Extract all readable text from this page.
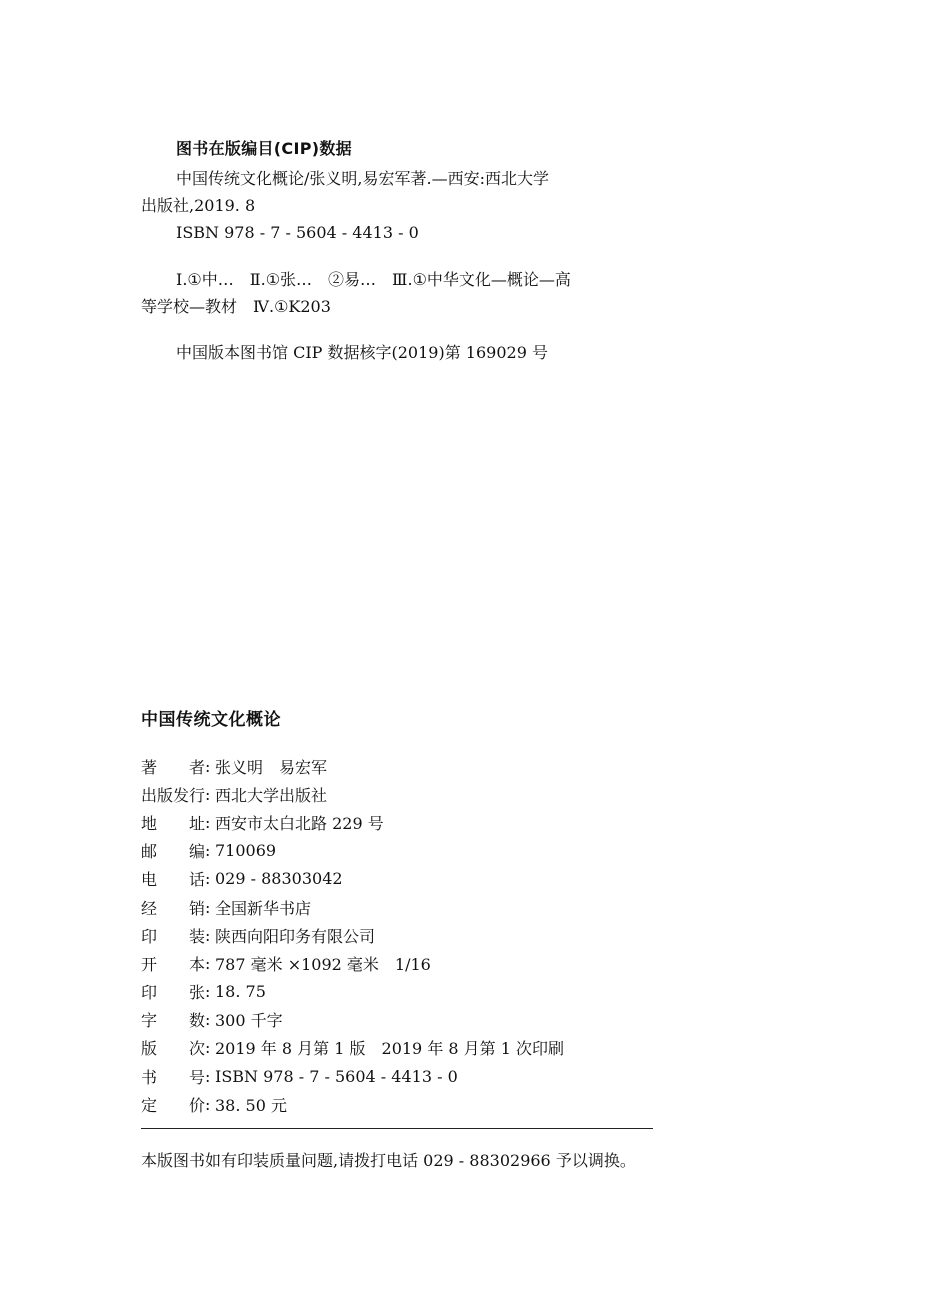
图书在版编目(CIP)数据
中国传统文化概论/张义明,易宏军著.—西安:西北大学
出版社,2019. 8
ISBN 978 - 7 - 5604 - 4413 - 0
Ⅰ.①中…　Ⅱ.①张…　②易…　Ⅲ.①中华文化—概论—高
等学校—教材　Ⅳ.①K203
中国版本图书馆 CIP 数据核字(2019)第 169029 号
中国传统文化概论
著 者 : 张义明　易宏军
出 版 发 行 : 西北大学出版社
地 址 : 西安市太白北路 229 号
邮 编 : 710069
电 话 : 029 - 88303042
经 销 : 全国新华书店
印 装 : 陕西向阳印务有限公司
开 本 : 787 毫米 ×1092 毫米　1/16
印 张 : 18. 75
字 数 : 300 千字
版 次 : 2019 年 8 月第 1 版　2019 年 8 月第 1 次印刷
书 号 : ISBN 978 - 7 - 5604 - 4413 - 0
定 价 : 38. 50 元
本版图书如有印装质量问题,请拨打电话 029 - 88302966 予以调换。
